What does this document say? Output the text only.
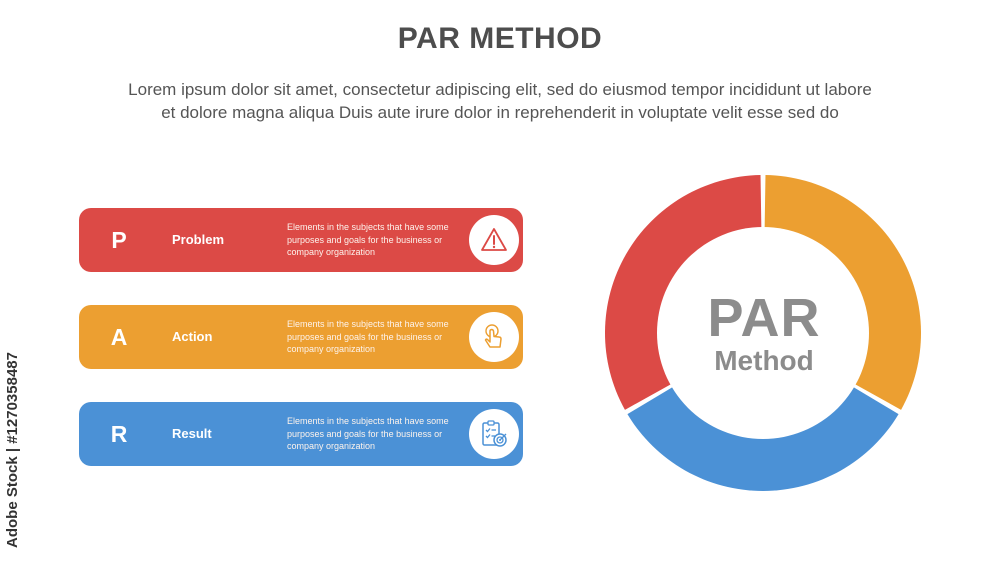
PAR METHOD
Lorem ipsum dolor sit amet, consectetur adipiscing elit, sed do eiusmod tempor incididunt ut labore
et dolore magna aliqua Duis aute irure dolor in reprehenderit in voluptate velit esse sed do
P	Problem
Elements in the subjects that have some
purposes and goals for the business or
company organization
A	Action
Elements in the subjects that have some
purposes and goals for the business or
company organization
R	Result
Elements in the subjects that have some
purposes and goals for the business or
company organization
PAR
Method
Adobe Stock | #1270358487
